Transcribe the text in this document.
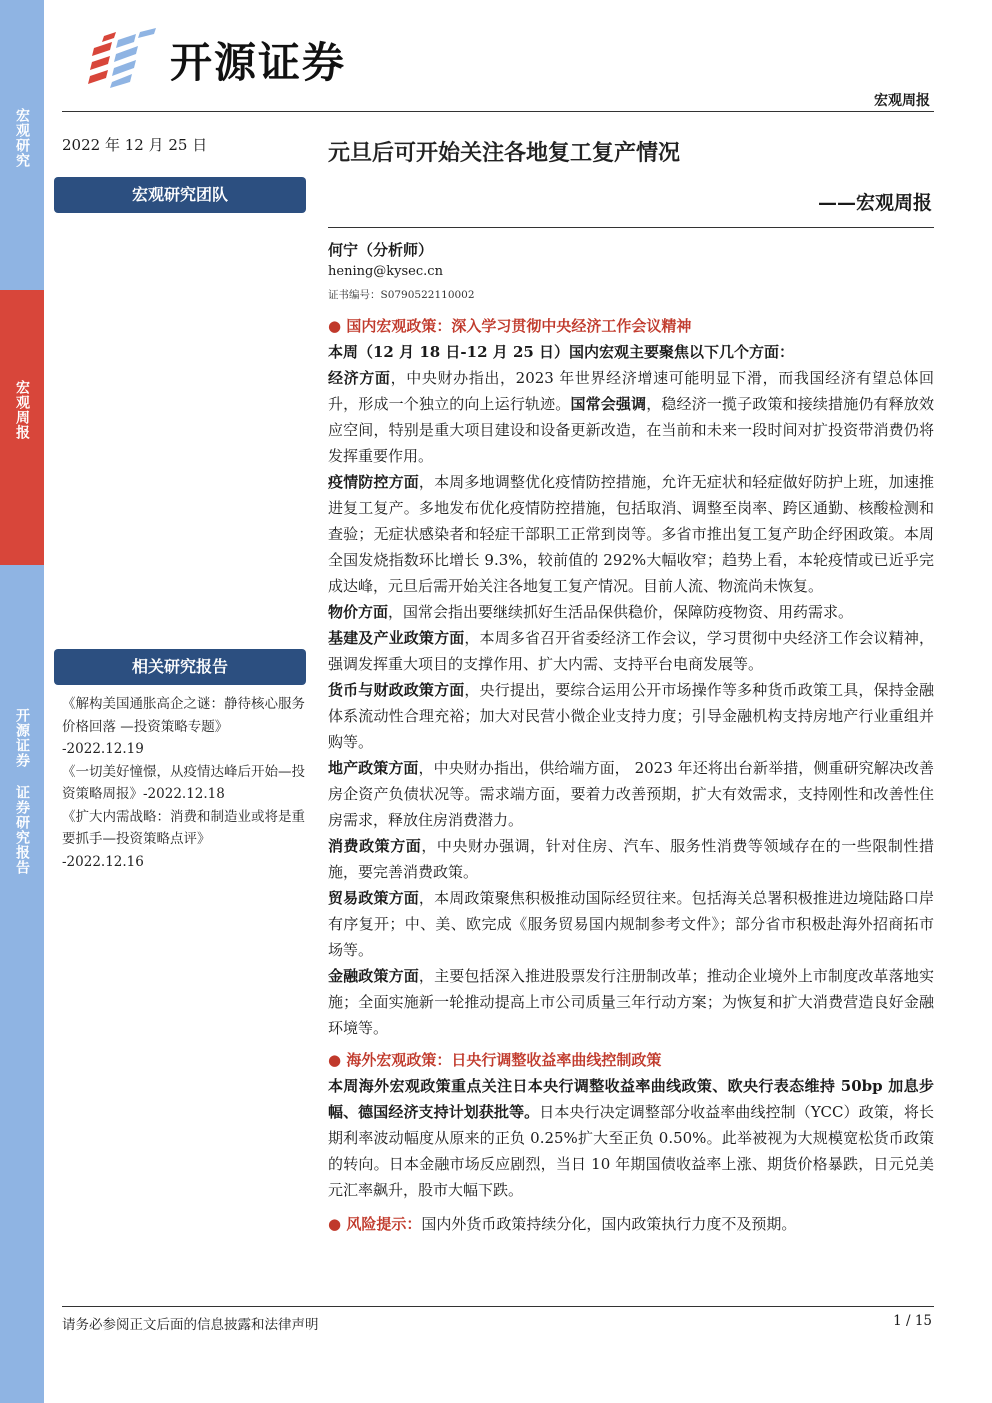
宏观研究
宏观周报
开源证券 证券研究报告
开源证券
宏观周报
2022 年 12 月 25 日
宏观研究团队
相关研究报告
《解构美国通胀高企之谜：静待核心服务价格回落 —投资策略专题》
-2022.12.19
《一切美好憧憬，从疫情达峰后开始—投资策略周报》-2022.12.18
《扩大内需战略：消费和制造业或将是重要抓手—投资策略点评》
-2022.12.16
元旦后可开始关注各地复工复产情况
——宏观周报
何宁（分析师）
hening@kysec.cn
证书编号：S0790522110002

● 国内宏观政策：深入学习贯彻中央经济工作会议精神

本周（12 月 18 日-12 月 25 日）国内宏观主要聚焦以下几个方面：

经济方面，中央财办指出，2023 年世界经济增速可能明显下滑，而我国经济有望总体回升，形成一个独立的向上运行轨迹。国常会强调，稳经济一揽子政策和接续措施仍有释放效应空间，特别是重大项目建设和设备更新改造，在当前和未来一段时间对扩投资带消费仍将发挥重要作用。

疫情防控方面，本周多地调整优化疫情防控措施，允许无症状和轻症做好防护上班，加速推进复工复产。多地发布优化疫情防控措施，包括取消、调整至岗率、跨区通勤、核酸检测和查验；无症状感染者和轻症干部职工正常到岗等。多省市推出复工复产助企纾困政策。本周全国发烧指数环比增长 9.3%，较前值的 292%大幅收窄；趋势上看，本轮疫情或已近乎完成达峰，元旦后需开始关注各地复工复产情况。目前人流、物流尚未恢复。

物价方面，国常会指出要继续抓好生活品保供稳价，保障防疫物资、用药需求。

基建及产业政策方面，本周多省召开省委经济工作会议，学习贯彻中央经济工作会议精神，强调发挥重大项目的支撑作用、扩大内需、支持平台电商发展等。

货币与财政政策方面，央行提出，要综合运用公开市场操作等多种货币政策工具，保持金融体系流动性合理充裕；加大对民营小微企业支持力度；引导金融机构支持房地产行业重组并购等。

地产政策方面，中央财办指出，供给端方面， 2023 年还将出台新举措，侧重研究解决改善房企资产负债状况等。需求端方面，要着力改善预期，扩大有效需求，支持刚性和改善性住房需求，释放住房消费潜力。

消费政策方面，中央财办强调，针对住房、汽车、服务性消费等领域存在的一些限制性措施，要完善消费政策。

贸易政策方面，本周政策聚焦积极推动国际经贸往来。包括海关总署积极推进边境陆路口岸有序复开；中、美、欧完成《服务贸易国内规制参考文件》；部分省市积极赴海外招商拓市场等。

金融政策方面，主要包括深入推进股票发行注册制改革；推动企业境外上市制度改革落地实施；全面实施新一轮推动提高上市公司质量三年行动方案；为恢复和扩大消费营造良好金融环境等。

● 海外宏观政策：日央行调整收益率曲线控制政策

本周海外宏观政策重点关注日本央行调整收益率曲线政策、欧央行表态维持 50bp 加息步幅、德国经济支持计划获批等。日本央行决定调整部分收益率曲线控制（YCC）政策，将长期利率波动幅度从原来的正负 0.25%扩大至正负 0.50%。此举被视为大规模宽松货币政策的转向。日本金融市场反应剧烈，当日 10 年期国债收益率上涨、期货价格暴跌，日元兑美元汇率飙升，股市大幅下跌。

● 风险提示：国内外货币政策持续分化，国内政策执行力度不及预期。

请务必参阅正文后面的信息披露和法律声明	1 / 15
